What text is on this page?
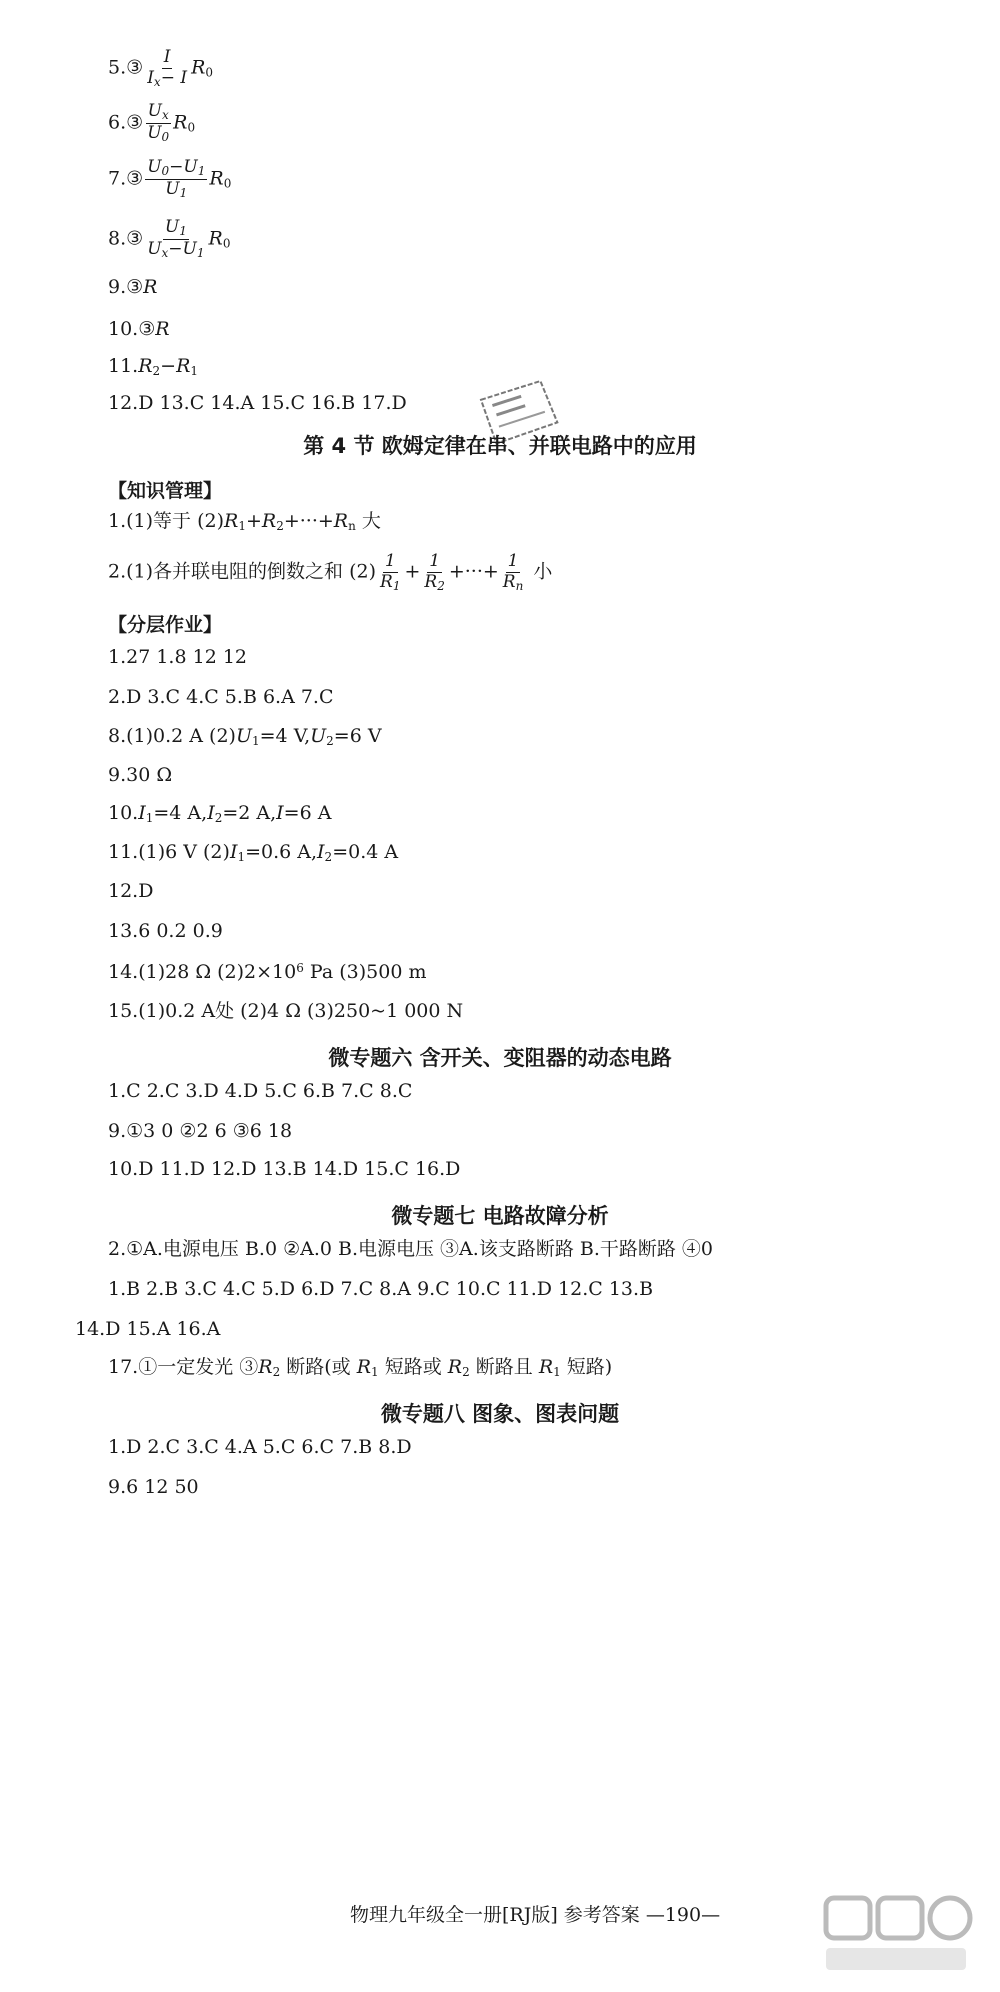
5.③ $\frac{I}{I_x- I} R_0$
6.③ $\frac{U_x}{U_0} R_0$
7.③ $\frac{U_0-U_1}{U_1} R_0$
8.③ $\frac{U_1}{U_x-U_1} R_0$
9.③R
10.③R
$11.R_2-R_1$
12.D 13.C 14.A 15.C 16.B 17.D
第 4 节 欧姆定律在串、并联电路中的应用
【知识管理】
1.(1)等于 $(2)R_1+R_2+\cdot\cdot\cdot+R_n$ 大
2.(1)各并联电阻的倒数之和 $(2) \frac{1}{R_1} + \frac{1}{R_2}$ +···+ $\frac{1}{R_n}$ 小
【分层作业】
1.27 1.8 12 12
2.D 3.C 4.C 5.B 6.A 7.C
8.(1)0.2 A $(2)U_1=4$ $V,U_2=6$ V
9.30 Ω
$10.I_1=4$ $A,I_2=2$ A,I=6 A
11.(1)6 V $(2)I_1=0.6$ $A,I_2=0.4$ A
12.D
13.6 0.2 0.9
14.(1)28 Ω $(2)2\times 10^6$ Pa (3)500 m
15.(1)0.2 A处 (2)4 Ω (3)250~1 000 N
微专题六 含开关、变阻器的动态电路
1.C 2.C 3.D 4.D 5.C 6.B 7.C 8.C
9.①3 0 ②2 6 ③6 18
10.D 11.D 12.D 13.B 14.D 15.C 16.D
微专题七 电路故障分析
2.①A.电源电压 B.0 ②A.0 B.电源电压 ③A.该支路断路 B.干路断路 ④0
1.B 2.B 3.C 4.C 5.D 6.D 7.C 8.A 9.C 10.C 11.D 12.C 13.B
14.D 15.A 16.A
17.①一定发光 $③R_2$ 断路(或 $R_1$ 短路或 $R_2$ 断路且 $R_1$ 短路)
微专题八 图象、图表问题
1.D 2.C 3.C 4.A 5.C 6.C 7.B 8.D
9.6 12 50
物理九年级全一册[RJ版] 参考答案 —190—
